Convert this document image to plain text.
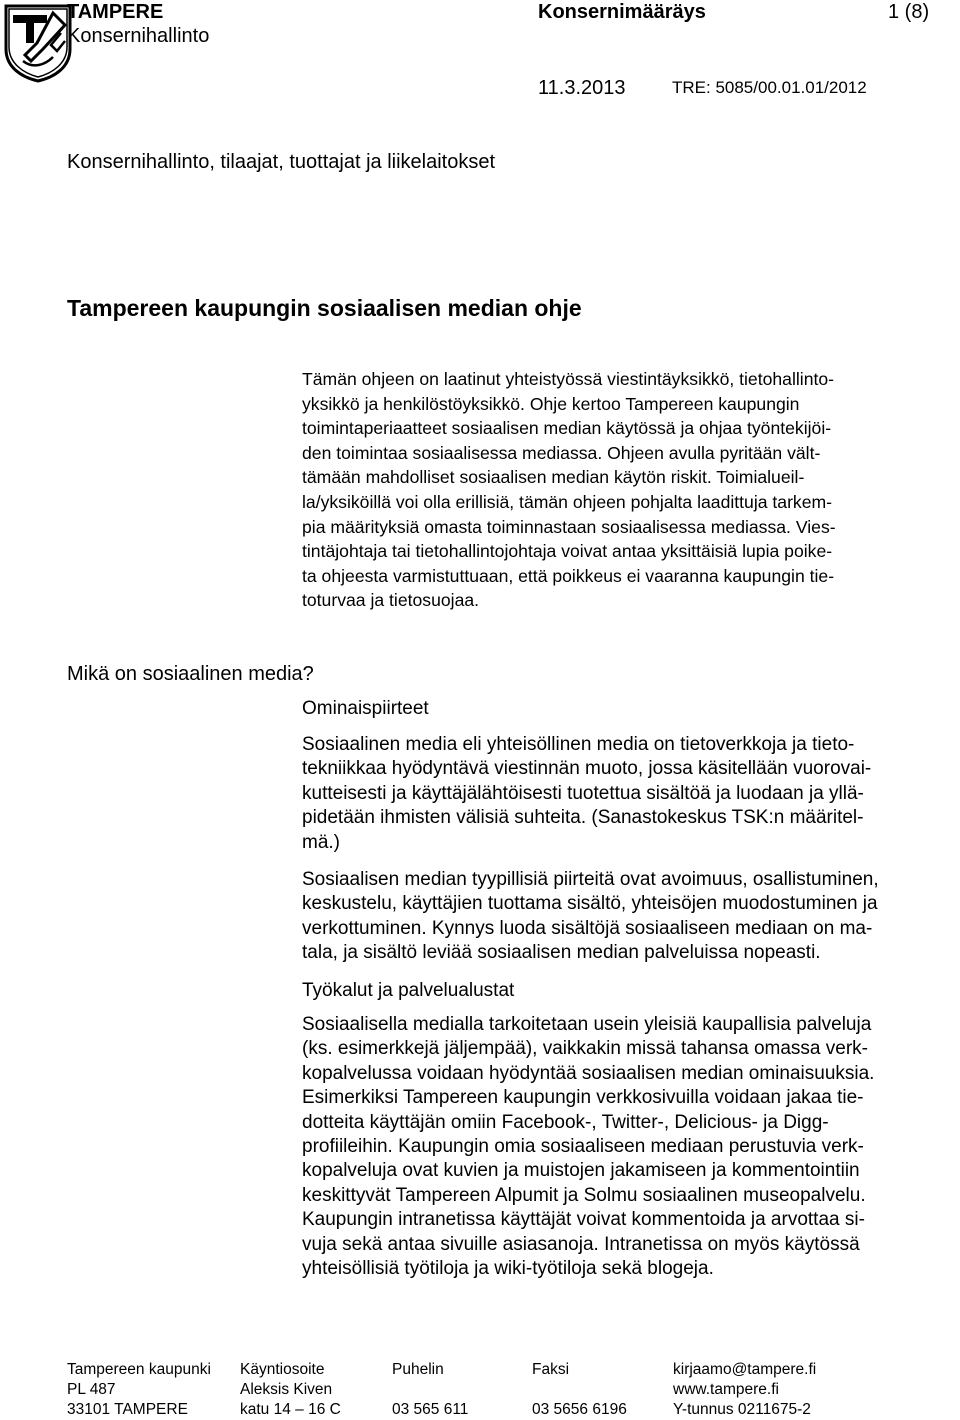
TAMPERE
Konsernihallinto
Konsernimääräys	1 (8)
11.3.2013	TRE: 5085/00.01.01/2012
Konsernihallinto, tilaajat, tuottajat ja liikelaitokset
Tampereen kaupungin sosiaalisen median ohje
Tämän ohjeen on laatinut yhteistyössä viestintäyksikkö, tietohallinto-
yksikkö ja henkilöstöyksikkö. Ohje kertoo Tampereen kaupungin
toimintaperiaatteet sosiaalisen median käytössä ja ohjaa työntekijöi-
den toimintaa sosiaalisessa mediassa. Ohjeen avulla pyritään vält-
tämään mahdolliset sosiaalisen median käytön riskit. Toimialueil-
la/yksiköillä voi olla erillisiä, tämän ohjeen pohjalta laadittuja tarkem-
pia määrityksiä omasta toiminnastaan sosiaalisessa mediassa. Vies-
tintäjohtaja tai tietohallintojohtaja voivat antaa yksittäisiä lupia poike-
ta ohjeesta varmistuttuaan, että poikkeus ei vaaranna kaupungin tie-
toturvaa ja tietosuojaa.
Mikä on sosiaalinen media?
Ominaispiirteet
Sosiaalinen media eli yhteisöllinen media on tietoverkkoja ja tieto-
tekniikkaa hyödyntävä viestinnän muoto, jossa käsitellään vuorovai-
kutteisesti ja käyttäjälähtöisesti tuotettua sisältöä ja luodaan ja yllä-
pidetään ihmisten välisiä suhteita. (Sanastokeskus TSK:n määritel-
mä.)
Sosiaalisen median tyypillisiä piirteitä ovat avoimuus, osallistuminen,
keskustelu, käyttäjien tuottama sisältö, yhteisöjen muodostuminen ja
verkottuminen. Kynnys luoda sisältöjä sosiaaliseen mediaan on ma-
tala, ja sisältö leviää sosiaalisen median palveluissa nopeasti.
Työkalut ja palvelualustat
Sosiaalisella medialla tarkoitetaan usein yleisiä kaupallisia palveluja
(ks. esimerkkejä jäljempää), vaikkakin missä tahansa omassa verk-
kopalvelussa voidaan hyödyntää sosiaalisen median ominaisuuksia.
Esimerkiksi Tampereen kaupungin verkkosivuilla voidaan jakaa tie-
dotteita käyttäjän omiin Facebook-, Twitter-, Delicious- ja Digg-
profiileihin. Kaupungin omia sosiaaliseen mediaan perustuvia verk-
kopalveluja ovat kuvien ja muistojen jakamiseen ja kommentointiin
keskittyvät Tampereen Alpumit ja Solmu sosiaalinen museopalvelu.
Kaupungin intranetissa käyttäjät voivat kommentoida ja arvottaa si-
vuja sekä antaa sivuille asiasanoja. Intranetissa on myös käytössä
yhteisöllisiä työtiloja ja wiki-työtiloja sekä blogeja.
Tampereen kaupunki
PL 487
33101 TAMPERE
Käyntiosoite
Aleksis Kiven
katu 14 – 16 C
Puhelin
03 565 611
Faksi
03 5656 6196
kirjaamo@tampere.fi
www.tampere.fi
Y-tunnus 0211675-2
